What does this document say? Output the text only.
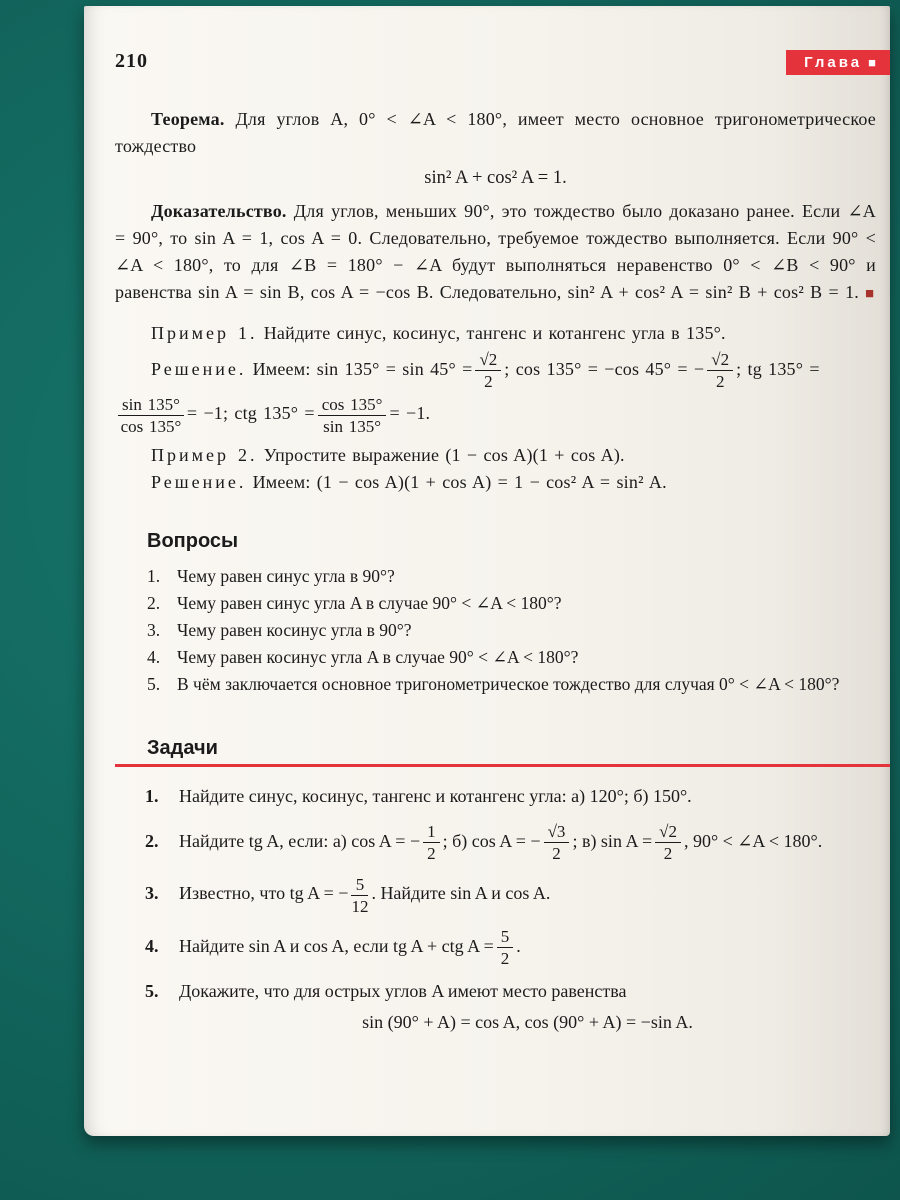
210	Глава ■

Теорема. Для углов A, 0° < ∠A < 180°, имеет место основное тригонометрическое тождество

sin² A + cos² A = 1.

Доказательство. Для углов, меньших 90°, это тождество было доказано ранее. Если ∠A = 90°, то sin A = 1, cos A = 0. Следовательно, требуемое тождество выполняется. Если 90° < ∠A < 180°, то для ∠B = 180° − ∠A будут выполняться неравенство 0° < ∠B < 90° и равенства sin A = sin B, cos A = −cos B. Следовательно, sin² A + cos² A = sin² B + cos² B = 1. ■

Пример 1. Найдите синус, косинус, тангенс и котангенс угла в 135°.

Решение. Имеем: $\sin 135^\circ = \sin 45^\circ = \frac{√2}{2}$ ; cos 135° = −cos 45° = − $\frac{√2}{2}$ ; tg 135° =
$\frac{\sin 135^\circ}{\cos 135^\circ} = -1$; ctg $135^\circ = \frac{\cos 135^\circ}{\sin 135^\circ} = -1$.

Пример 2. Упростите выражение (1 − cos A)(1 + cos A).

Решение. Имеем: (1 − cos A)(1 + cos A) = 1 − cos² A = sin² A.

Вопросы
1. Чему равен синус угла в 90°?
2. Чему равен синус угла A в случае 90° < ∠A < 180°?
3. Чему равен косинус угла в 90°?
4. Чему равен косинус угла A в случае 90° < ∠A < 180°?
5. В чём заключается основное тригонометрическое тождество для случая 0° < ∠A < 180°?
Задачи
1.	Найдите синус, косинус, тангенс и котангенс угла: а) 120°; б) 150°.
2.	Найдите tg A, если: а) cos A = − $\frac{1}{2}$ ; б) cos A = − $\frac{√3}{2}$ ; в) $\sin A = \frac{√2}{2}$ , 90° < ∠A < 180°.
3.	Известно, что tg A = − $\frac{5}{12}$ . Найдите sin A и cos A.
4.	Найдите sin A и cos A, если tg A + ctg $A = \frac{5}{2}$ .
5.	Докажите, что для острых углов A имеют место равенства
sin (90° + A) = cos A, cos (90° + A) = −sin A.
